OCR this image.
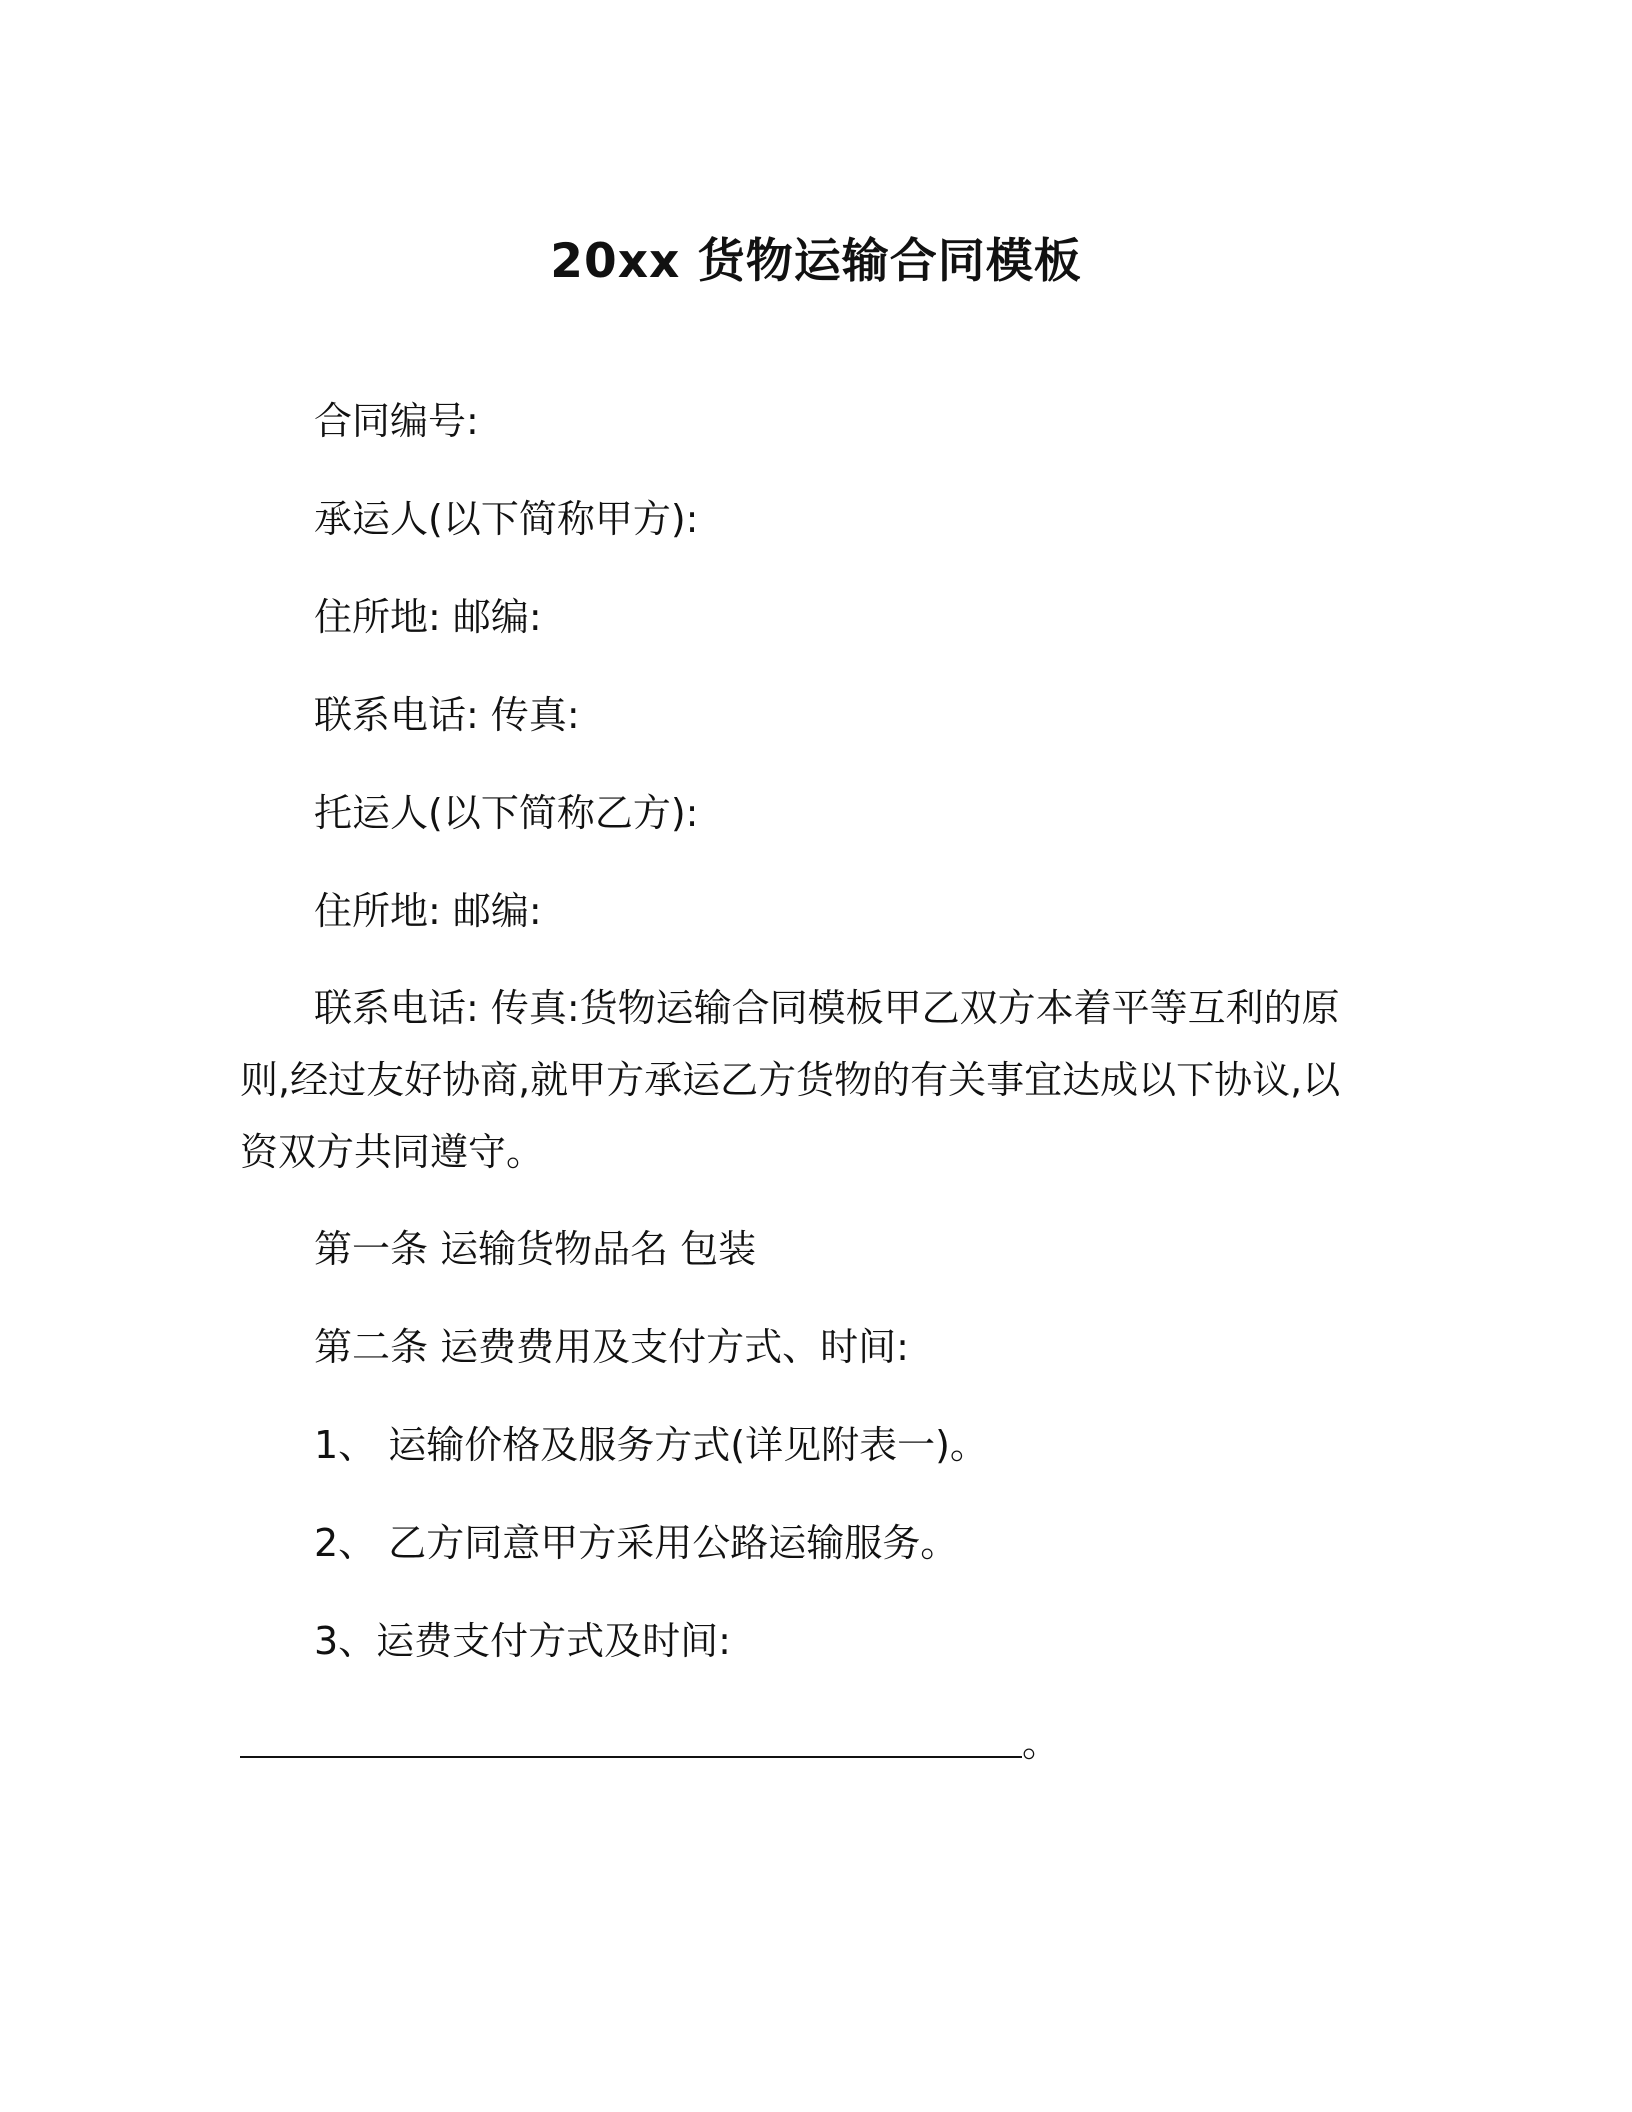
20xx 货物运输合同模板
合同编号:
承运人(以下简称甲方):
住所地: 邮编:
联系电话: 传真:
托运人(以下简称乙方):
住所地: 邮编:
联系电话: 传真:货物运输合同模板甲乙双方本着平等互利的原则,经过友好协商,就甲方承运乙方货物的有关事宜达成以下协议,以资双方共同遵守。
第一条 运输货物品名 包装
第二条 运费费用及支付方式、时间:
1、 运输价格及服务方式(详见附表一)。
2、 乙方同意甲方采用公路运输服务。
3、运费支付方式及时间:
。
